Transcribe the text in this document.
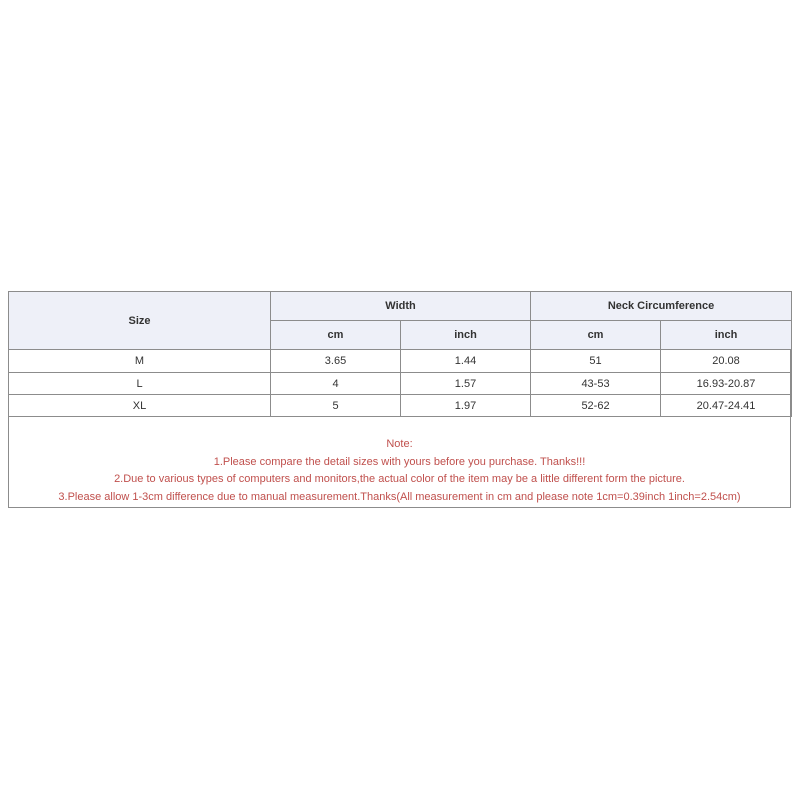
Size	Width		Neck Circumference	
	cm	inch	cm	inch
M	3.65	1.44	51	20.08
L	4	1.57	43-53	16.93-20.87
XL	5	1.97	52-62	20.47-24.41
Note:
1.Please compare the detail sizes with yours before you purchase. Thanks!!!
2.Due to various types of computers and monitors,the actual color of the item may be a little different form the picture.
3.Please allow 1-3cm difference due to manual measurement.Thanks(All measurement in cm and please note 1cm=0.39inch 1inch=2.54cm)
